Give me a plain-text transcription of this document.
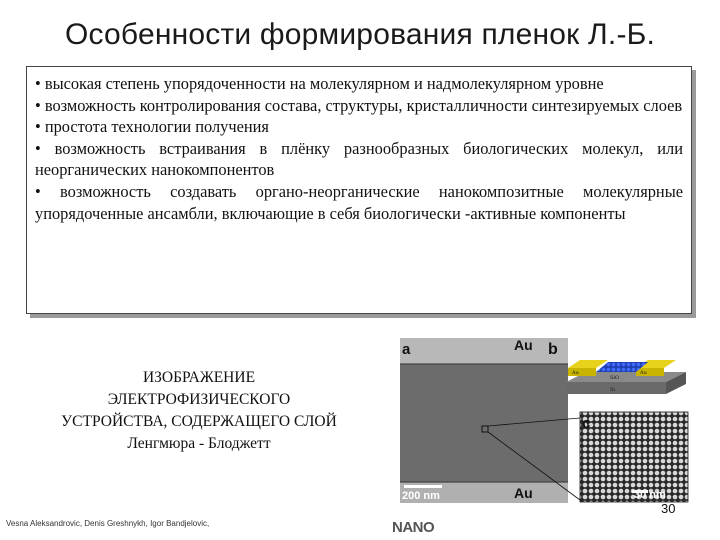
Особенности формирования пленок Л.-Б.

• высокая степень упорядоченности на молекулярном и надмолекулярном уровне

• возможность контролирования состава, структуры, кристалличности синтезируемых слоев

• простота технологии получения

• возможность встраивания в плёнку разнообразных биологических молекул, или неорганических нанокомпонентов

• возможность создавать органо-неорганические нанокомпозитные молекулярные упорядоченные ансамбли, включающие в себя биологически -активные компоненты

ИЗОБРАЖЕНИЕ
ЭЛЕКТРОФИЗИЧЕСКОГО
УСТРОЙСТВА, СОДЕРЖАЩЕГО СЛОЙ
Ленгмюра - Блоджетт
a	Au
Au
200 nm
b
Au	Au
SiO
Si
c
30 nm
30
Vesna Aleksandrovic, Denis Greshnykh, Igor Bandjelovic,	NANO
